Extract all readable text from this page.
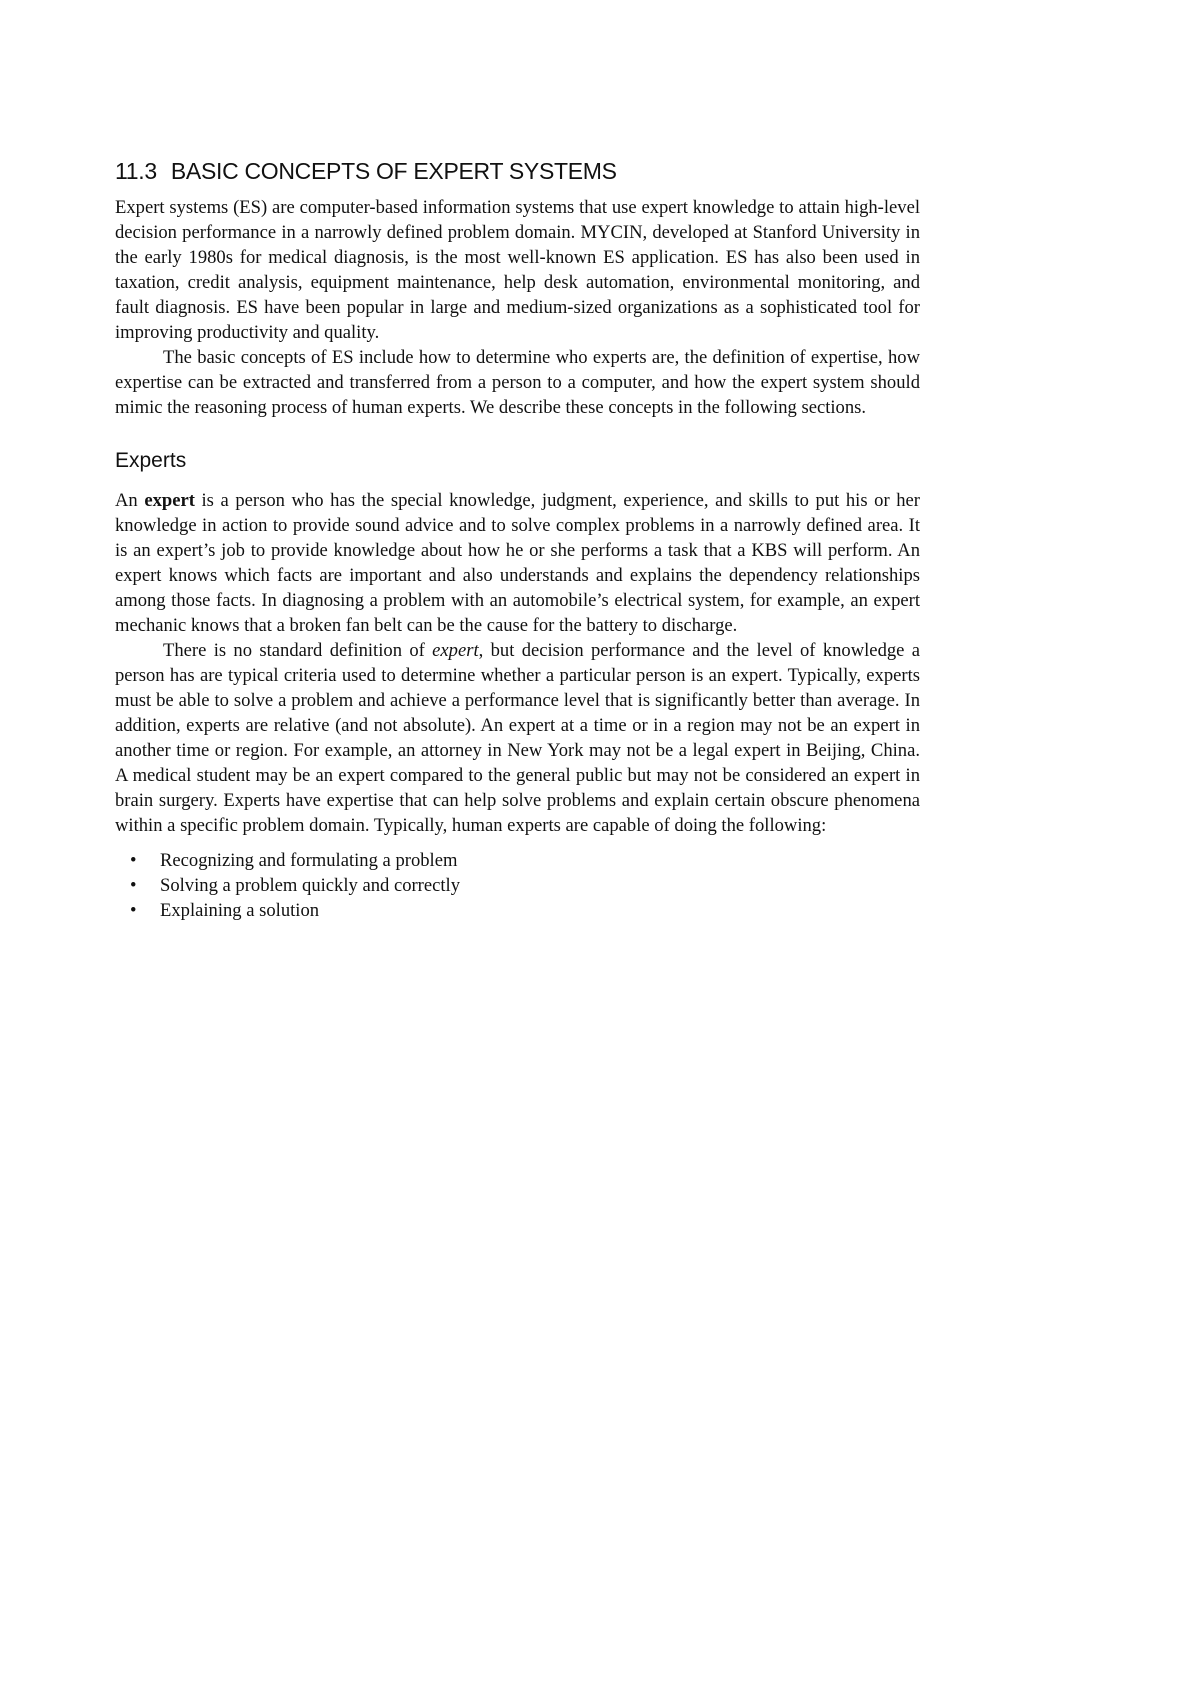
11.3 BASIC CONCEPTS OF EXPERT SYSTEMS

Expert systems (ES) are computer-based information systems that use expert knowledge to attain high-level decision performance in a narrowly defined problem domain. MYCIN, developed at Stanford University in the early 1980s for medical diagnosis, is the most well-known ES application. ES has also been used in taxation, credit analysis, equipment maintenance, help desk automation, environmental monitoring, and fault diagnosis. ES have been popular in large and medium-sized organizations as a sophisticated tool for improving productivity and quality.

The basic concepts of ES include how to determine who experts are, the definition of expertise, how expertise can be extracted and transferred from a person to a computer, and how the expert system should mimic the reasoning process of human experts. We describe these concepts in the following sections.

Experts

An expert is a person who has the special knowledge, judgment, experience, and skills to put his or her knowledge in action to provide sound advice and to solve complex problems in a narrowly defined area. It is an expert’s job to provide knowledge about how he or she performs a task that a KBS will perform. An expert knows which facts are important and also understands and explains the dependency relationships among those facts. In diagnosing a problem with an automobile’s electrical system, for example, an expert mechanic knows that a broken fan belt can be the cause for the battery to discharge.

There is no standard definition of expert, but decision performance and the level of knowledge a person has are typical criteria used to determine whether a particular person is an expert. Typically, experts must be able to solve a problem and achieve a performance level that is significantly better than average. In addition, experts are relative (and not absolute). An expert at a time or in a region may not be an expert in another time or region. For example, an attorney in New York may not be a legal expert in Beijing, China. A medical student may be an expert compared to the general public but may not be considered an expert in brain surgery. Experts have expertise that can help solve problems and explain certain obscure phenomena within a specific problem domain. Typically, human experts are capable of doing the following:

• Recognizing and formulating a problem
• Solving a problem quickly and correctly
• Explaining a solution
